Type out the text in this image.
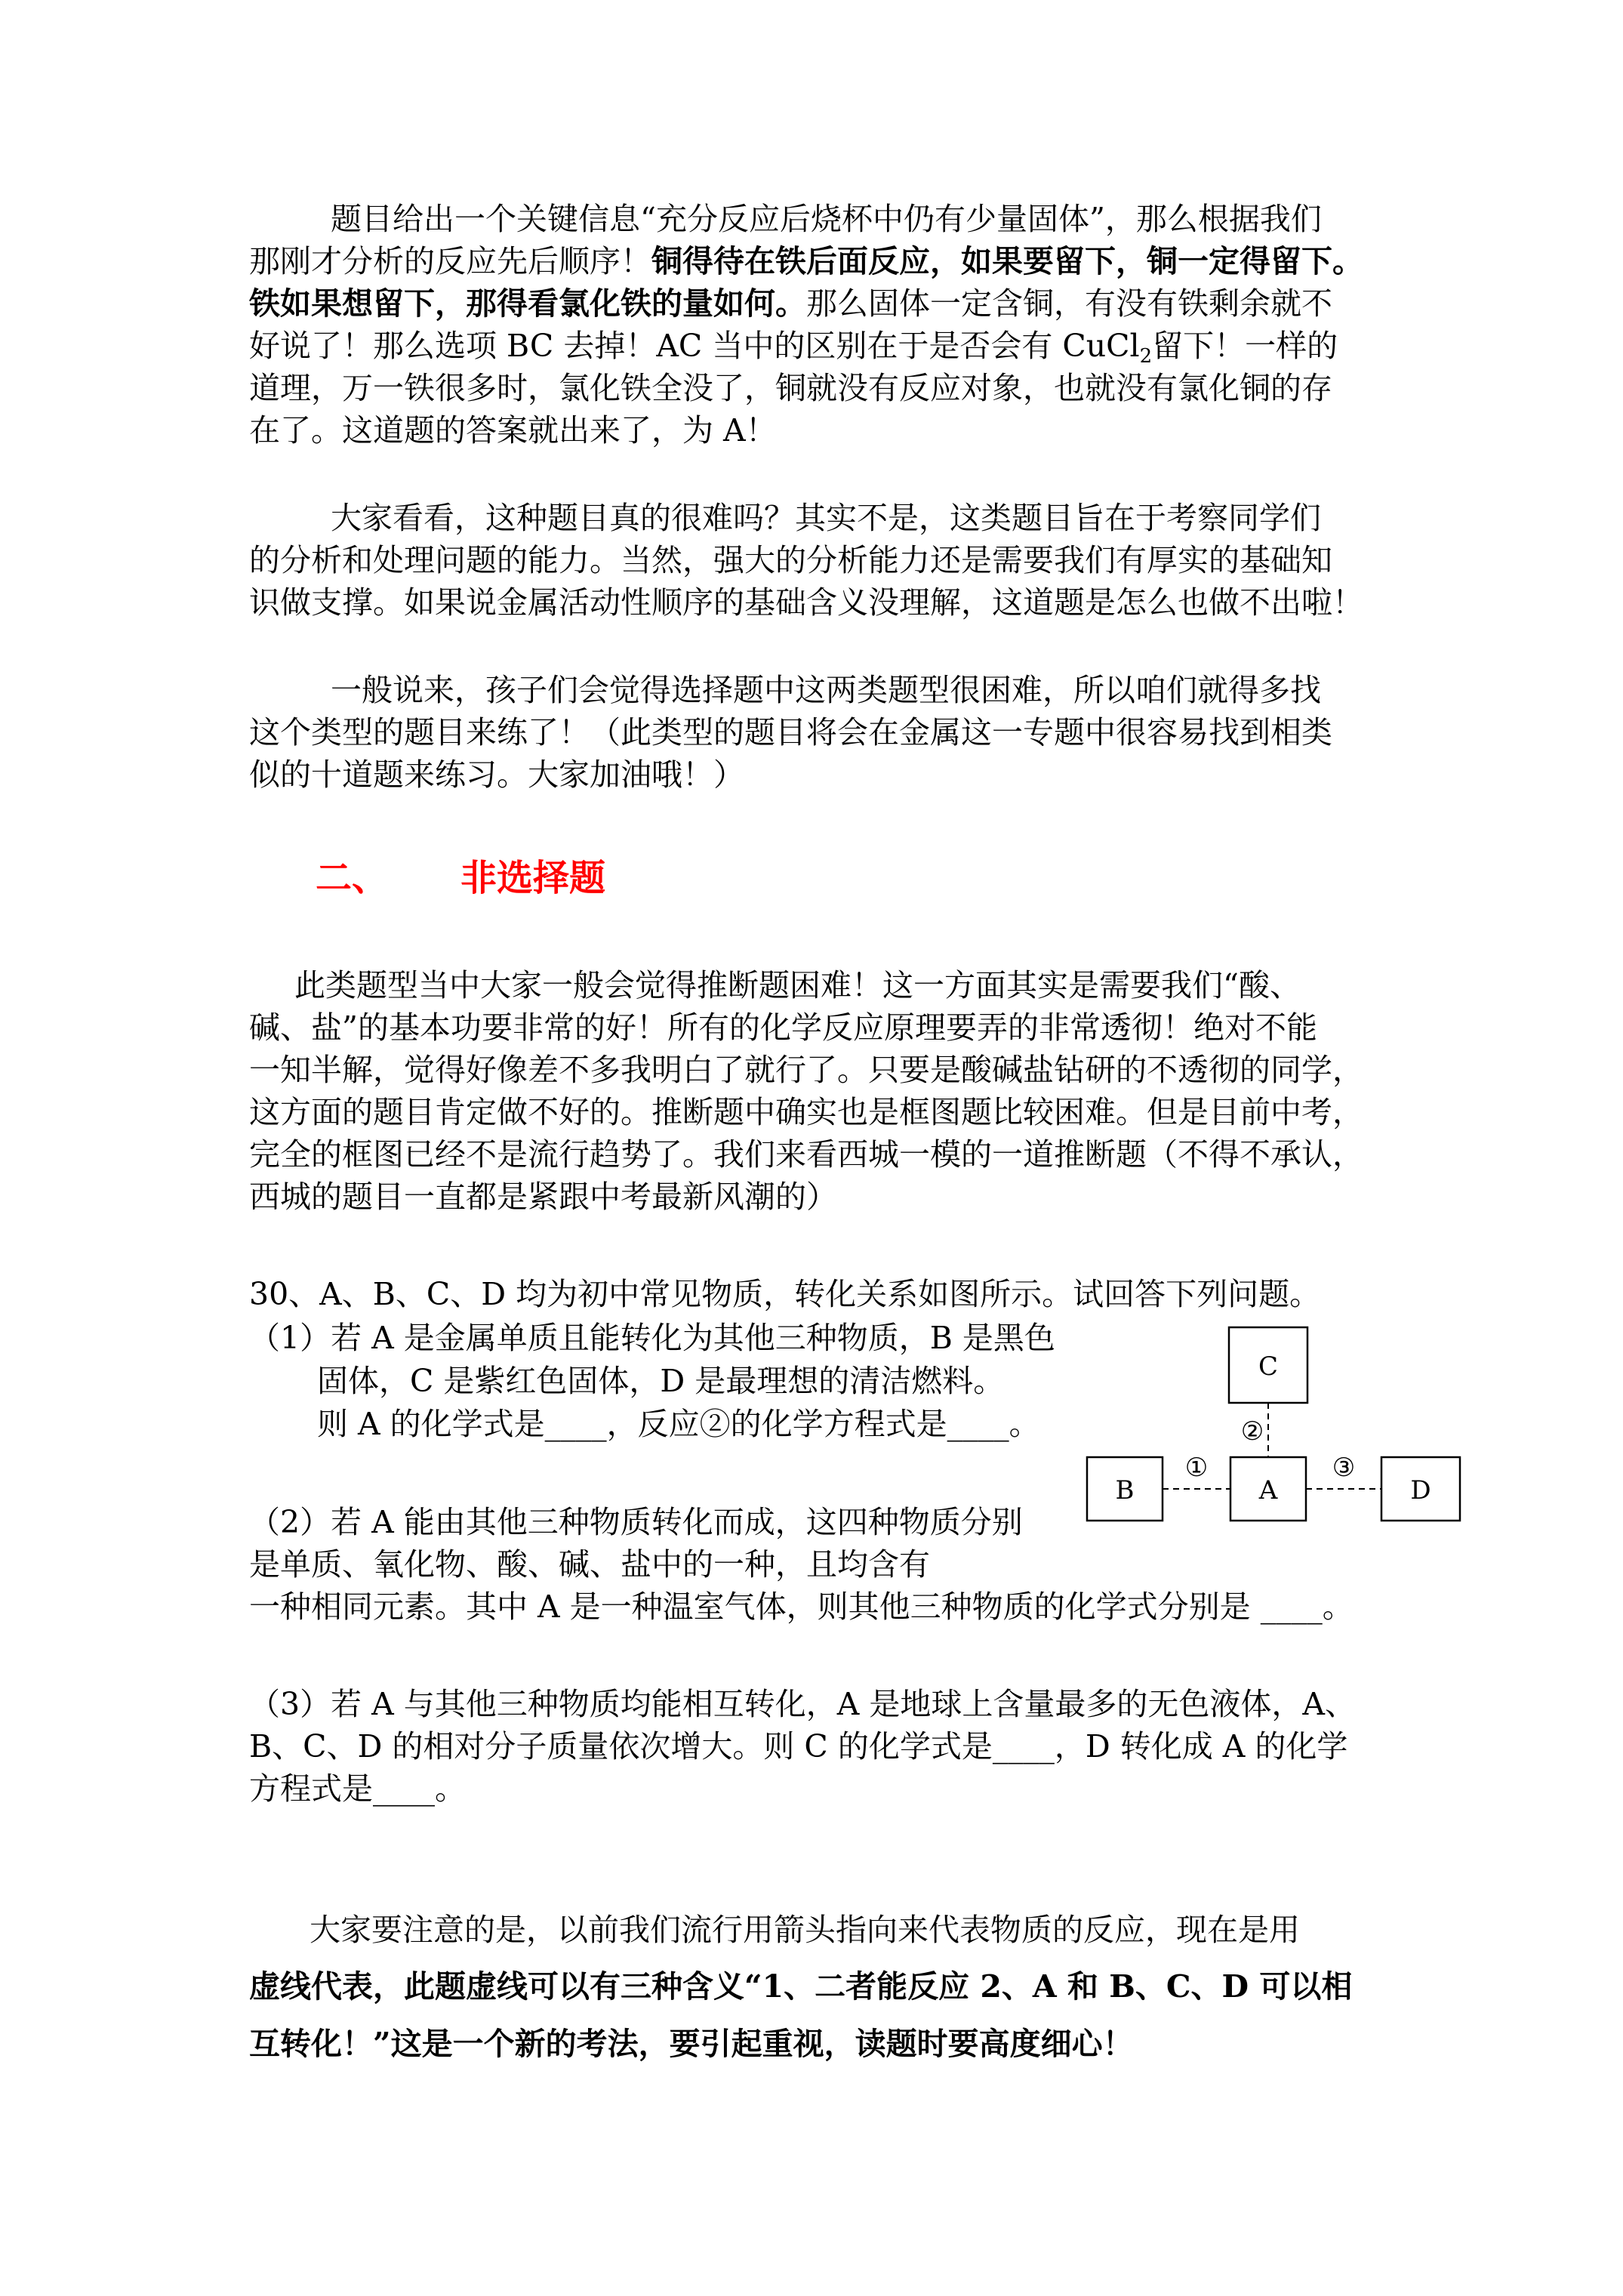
题目给出一个关键信息“充分反应后烧杯中仍有少量固体”，那么根据我们

那刚才分析的反应先后顺序！铜得待在铁后面反应，如果要留下，铜一定得留下。

铁如果想留下，那得看氯化铁的量如何。那么固体一定含铜，有没有铁剩余就不

好说了！那么选项 BC 去掉！AC 当中的区别在于是否会有 CuCl$_2$留下！一样的

道理，万一铁很多时，氯化铁全没了，铜就没有反应对象，也就没有氯化铜的存

在了。这道题的答案就出来了，为 A！

大家看看，这种题目真的很难吗？其实不是，这类题目旨在于考察同学们

的分析和处理问题的能力。当然，强大的分析能力还是需要我们有厚实的基础知

识做支撑。如果说金属活动性顺序的基础含义没理解，这道题是怎么也做不出啦！

一般说来，孩子们会觉得选择题中这两类题型很困难，所以咱们就得多找

这个类型的题目来练了！（此类型的题目将会在金属这一专题中很容易找到相类

似的十道题来练习。大家加油哦！）

二、 非选择题

此类题型当中大家一般会觉得推断题困难！这一方面其实是需要我们“酸、

碱、盐”的基本功要非常的好！所有的化学反应原理要弄的非常透彻！绝对不能

一知半解，觉得好像差不多我明白了就行了。只要是酸碱盐钻研的不透彻的同学，

这方面的题目肯定做不好的。推断题中确实也是框图题比较困难。但是目前中考，

完全的框图已经不是流行趋势了。我们来看西城一模的一道推断题（不得不承认，

西城的题目一直都是紧跟中考最新风潮的）

30、A、B、C、D 均为初中常见物质，转化关系如图所示。试回答下列问题。

（1）若 A 是金属单质且能转化为其他三种物质，B 是黑色

固体，C 是紫红色固体，D 是最理想的清洁燃料。

则 A 的化学式是____，反应②的化学方程式是____。

（2）若 A 能由其他三种物质转化而成，这四种物质分别

是单质、氧化物、酸、碱、盐中的一种，且均含有

一种相同元素。其中 A 是一种温室气体，则其他三种物质的化学式分别是 ____。

（3）若 A 与其他三种物质均能相互转化，A 是地球上含量最多的无色液体，A、

B、C、D 的相对分子质量依次增大。则 C 的化学式是____，D 转化成 A 的化学

方程式是____。

C
A
B	D
①
②
③

大家要注意的是，以前我们流行用箭头指向来代表物质的反应，现在是用

虚线代表，此题虚线可以有三种含义“1、二者能反应 2、A 和 B、C、D 可以相

互转化！”这是一个新的考法，要引起重视，读题时要高度细心！
